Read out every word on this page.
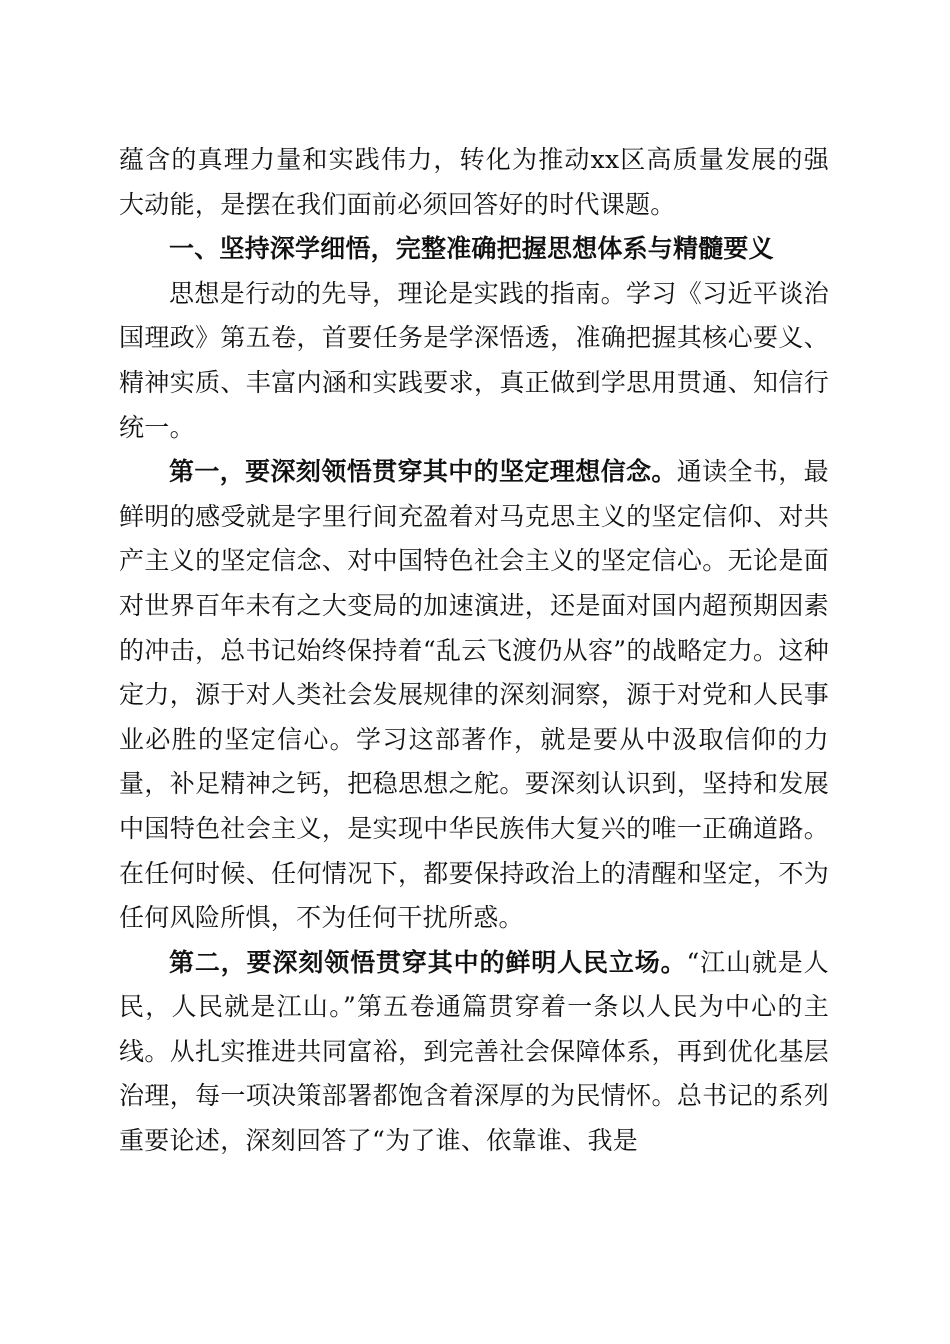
蕴含的真理力量和实践伟力，转化为推动xx区高质量发展的强大动能，是摆在我们面前必须回答好的时代课题。

一、坚持深学细悟，完整准确把握思想体系与精髓要义

思想是行动的先导，理论是实践的指南。学习《习近平谈治国理政》第五卷，首要任务是学深悟透，准确把握其核心要义、精神实质、丰富内涵和实践要求，真正做到学思用贯通、知信行统一。

第一，要深刻领悟贯穿其中的坚定理想信念。通读全书，最鲜明的感受就是字里行间充盈着对马克思主义的坚定信仰、对共产主义的坚定信念、对中国特色社会主义的坚定信心。无论是面对世界百年未有之大变局的加速演进，还是面对国内超预期因素的冲击，总书记始终保持着“乱云飞渡仍从容”的战略定力。这种定力，源于对人类社会发展规律的深刻洞察，源于对党和人民事业必胜的坚定信心。学习这部著作，就是要从中汲取信仰的力量，补足精神之钙，把稳思想之舵。要深刻认识到，坚持和发展中国特色社会主义，是实现中华民族伟大复兴的唯一正确道路。在任何时候、任何情况下，都要保持政治上的清醒和坚定，不为任何风险所惧，不为任何干扰所惑。

第二，要深刻领悟贯穿其中的鲜明人民立场。“江山就是人民，人民就是江山。”第五卷通篇贯穿着一条以人民为中心的主线。从扎实推进共同富裕，到完善社会保障体系，再到优化基层治理，每一项决策部署都饱含着深厚的为民情怀。总书记的系列重要论述，深刻回答了“为了谁、依靠谁、我是
